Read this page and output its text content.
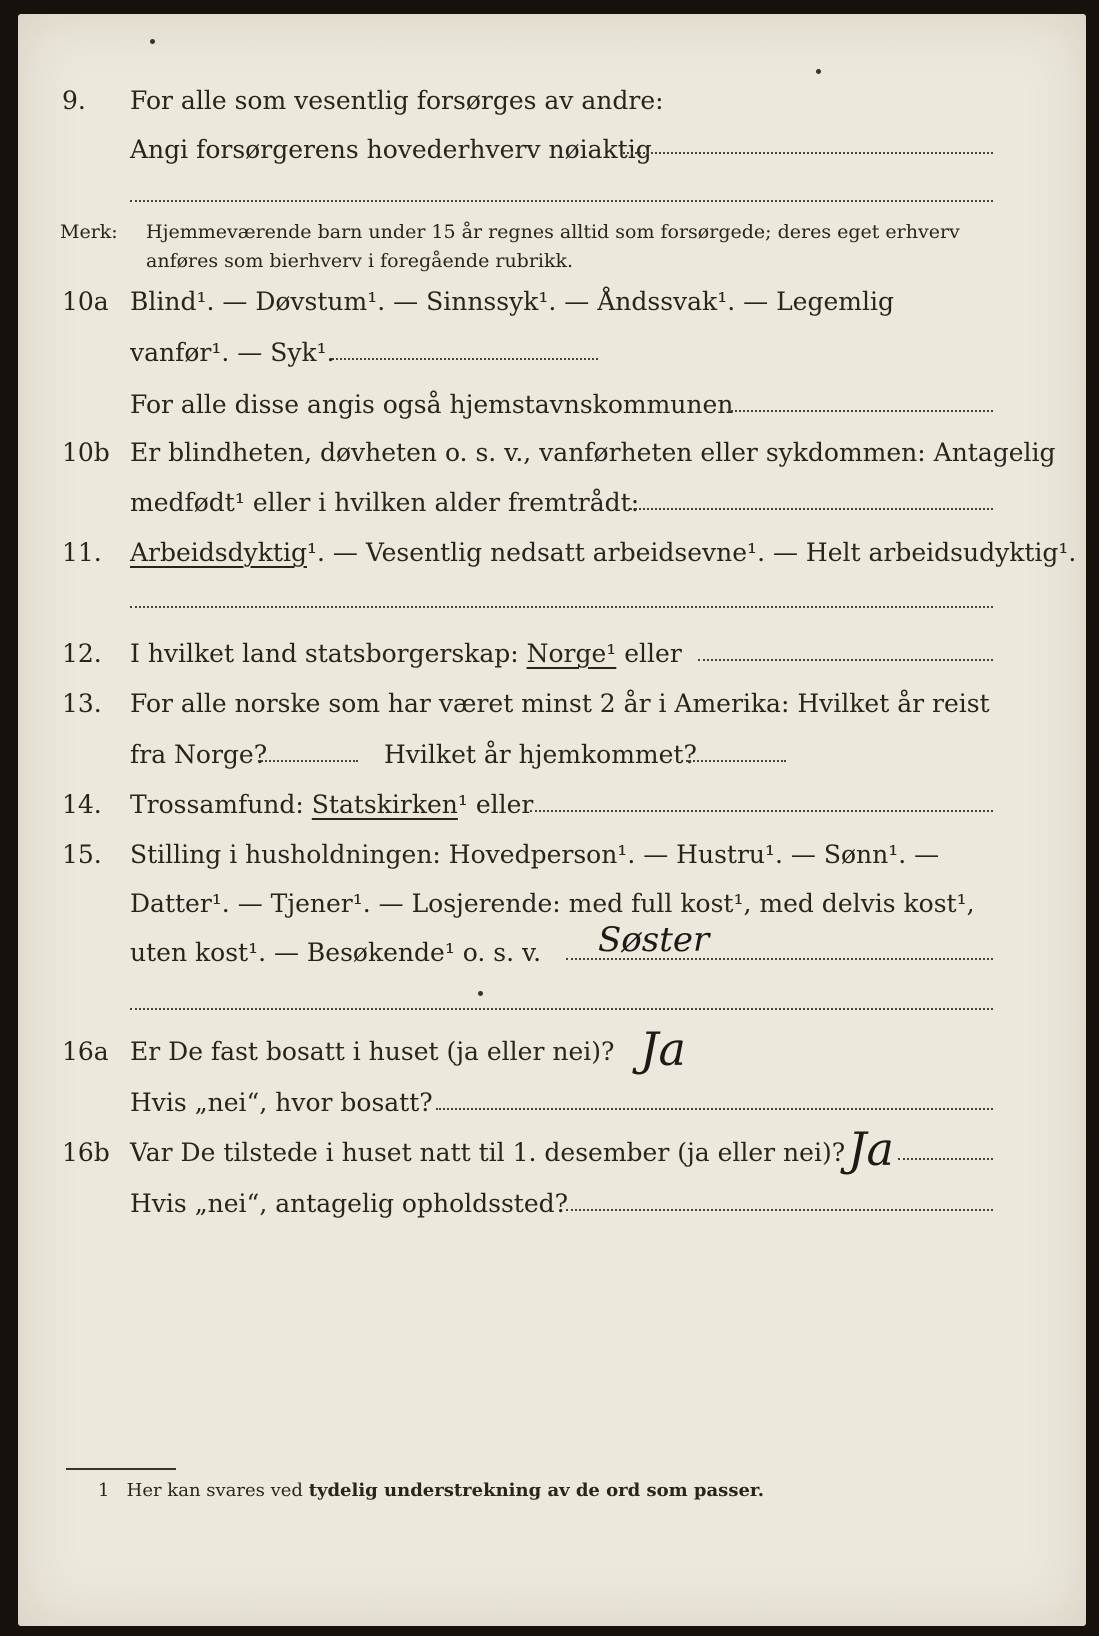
9. For alle som vesentlig forsørges av andre:
Angi forsørgerens hovederhverv nøiaktig
Merk: Hjemmeværende barn under 15 år regnes alltid som forsørgede; deres eget erhverv
anføres som bierhverv i foregående rubrikk.
10a Blind¹. — Døvstum¹. — Sinnssyk¹. — Åndssvak¹. — Legemlig
vanfør¹. — Syk¹.
For alle disse angis også hjemstavnskommunen
10b Er blindheten, døvheten o. s. v., vanførheten eller sykdommen: Antagelig
medfødt¹ eller i hvilken alder fremtrådt:
11. Arbeidsdyktig¹. — Vesentlig nedsatt arbeidsevne¹. — Helt arbeidsudyktig¹.
12. I hvilket land statsborgerskap: Norge¹ eller
13. For alle norske som har været minst 2 år i Amerika: Hvilket år reist
fra Norge?	Hvilket år hjemkommet?
14. Trossamfund: Statskirken¹ eller
15. Stilling i husholdningen: Hovedperson¹. — Hustru¹. — Sønn¹. —
Datter¹. — Tjener¹. — Losjerende: med full kost¹, med delvis kost¹,
uten kost¹. — Besøkende¹ o. s. v. Søster
16a Er De fast bosatt i huset (ja eller nei)? Ja
Hvis „nei“, hvor bosatt?
16b Var De tilstede i huset natt til 1. desember (ja eller nei)? Ja
Hvis „nei“, antagelig opholdssted?
1 Her kan svares ved tydelig understrekning av de ord som passer.
